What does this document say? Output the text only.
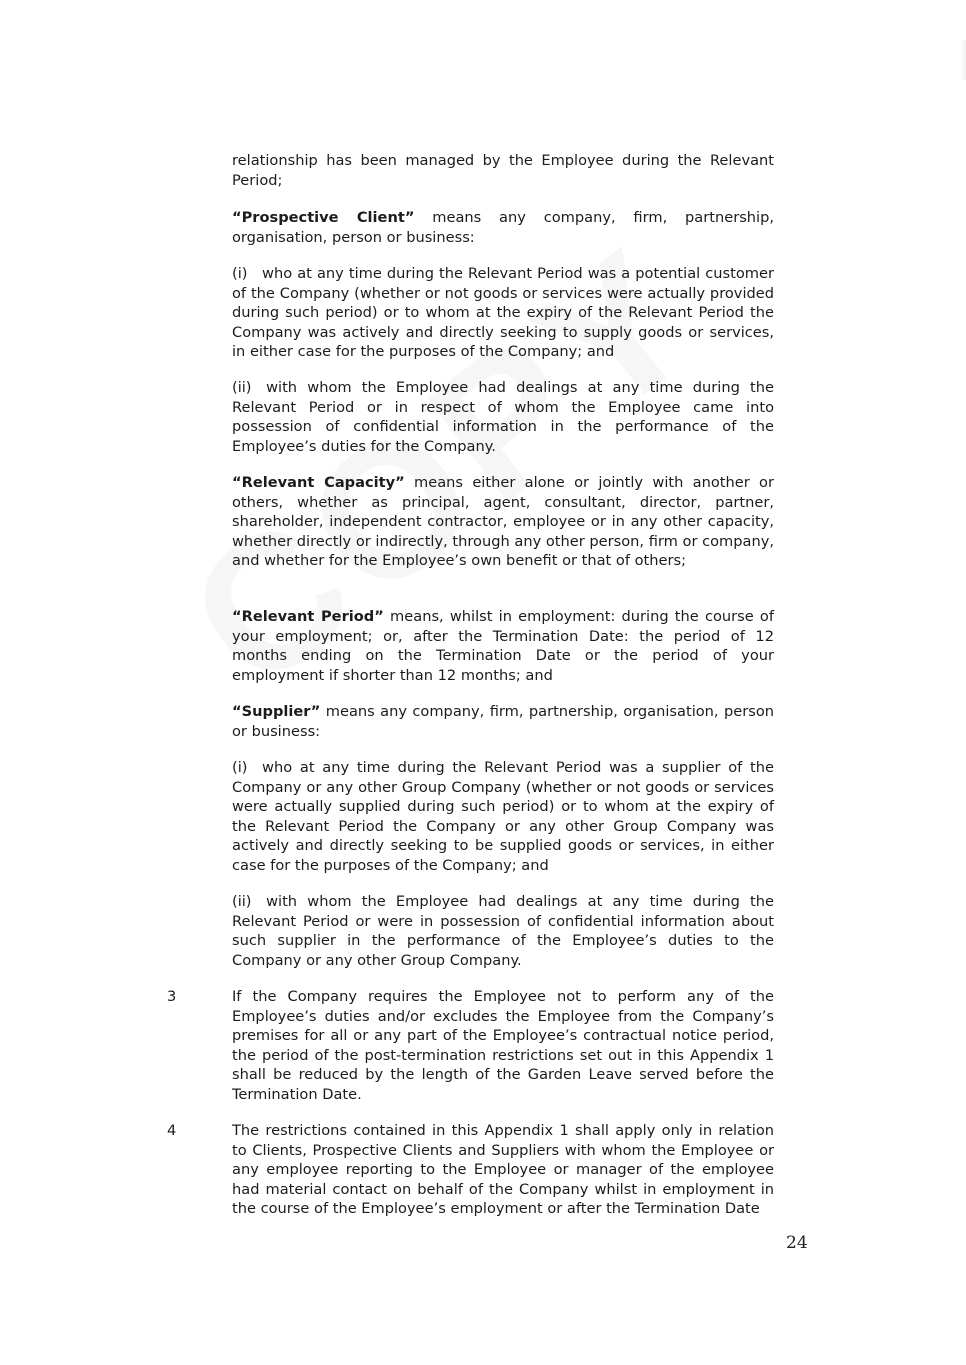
relationship has been managed by the Employee during the Relevant Period;

“Prospective Client” means any company, firm, partnership, organisation, person or business:

(i) who at any time during the Relevant Period was a potential customer of the Company (whether or not goods or services were actually provided during such period) or to whom at the expiry of the Relevant Period the Company was actively and directly seeking to supply goods or services, in either case for the purposes of the Company; and

(ii) with whom the Employee had dealings at any time during the Relevant Period or in respect of whom the Employee came into possession of confidential information in the performance of the Employee’s duties for the Company.

“Relevant Capacity” means either alone or jointly with another or others, whether as principal, agent, consultant, director, partner, shareholder, independent contractor, employee or in any other capacity, whether directly or indirectly, through any other person, firm or company, and whether for the Employee’s own benefit or that of others;

“Relevant Period” means, whilst in employment: during the course of your employment; or, after the Termination Date: the period of 12 months ending on the Termination Date or the period of your employment if shorter than 12 months; and

“Supplier” means any company, firm, partnership, organisation, person or business:

(i) who at any time during the Relevant Period was a supplier of the Company or any other Group Company (whether or not goods or services were actually supplied during such period) or to whom at the expiry of the Relevant Period the Company or any other Group Company was actively and directly seeking to be supplied goods or services, in either case for the purposes of the Company; and

(ii) with whom the Employee had dealings at any time during the Relevant Period or were in possession of confidential information about such supplier in the performance of the Employee’s duties to the Company or any other Group Company.

3	If the Company requires the Employee not to perform any of the Employee’s duties and/or excludes the Employee from the Company’s premises for all or any part of the Employee’s contractual notice period, the period of the post-termination restrictions set out in this Appendix 1 shall be reduced by the length of the Garden Leave served before the Termination Date.

4	The restrictions contained in this Appendix 1 shall apply only in relation to Clients, Prospective Clients and Suppliers with whom the Employee or any employee reporting to the Employee or manager of the employee had material contact on behalf of the Company whilst in employment in the course of the Employee’s employment or after the Termination Date

24
